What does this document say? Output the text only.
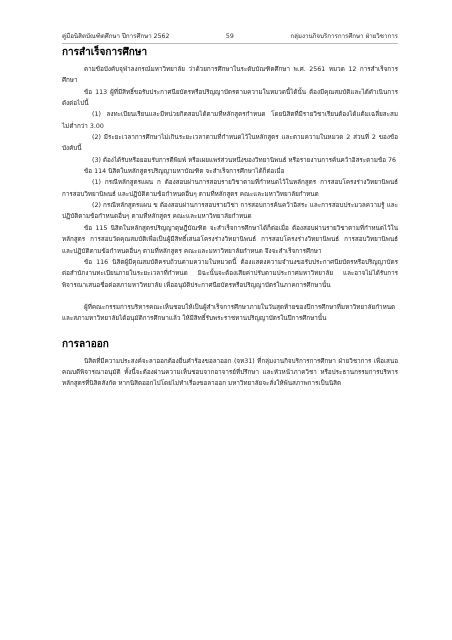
คู่มือนิสิตบัณฑิตศึกษา ปีการศึกษา 2562	59	กลุ่มงานกิจบริการการศึกษา ฝ่ายวิชาการ
การสำเร็จการศึกษา

ตามข้อบังคับจุฬาลงกรณ์มหาวิทยาลัย ว่าด้วยการศึกษาในระดับบัณฑิตศึกษา พ.ศ. 2561 หมวด 12 การสำเร็จการศึกษา

ข้อ 113 ผู้ที่มีสิทธิ์ขอรับประกาศนียบัตรหรือปริญญาบัตรตามความในหมวดนี้ได้นั้น ต้องมีคุณสมบัติและได้ดำเนินการดังต่อไปนี้

(1) ลงทะเบียนเรียนและมีหน่วยกิตสอบได้ตามที่หลักสูตรกำหนด โดยนิสิตที่มีรายวิชาเรียนต้องได้แต้มเฉลี่ยสะสมไม่ต่ำกว่า 3.00

(2) มีระยะเวลาการศึกษาไม่เกินระยะเวลาตามที่กำหนดไว้ในหลักสูตร และตามความในหมวด 2 ส่วนที่ 2 ของข้อบังคับนี้

(3) ต้องได้รับหรือยอมรับการตีพิมพ์ หรือเผยแพร่ส่วนหนึ่งของวิทยานิพนธ์ หรือรายงานการค้นคว้าอิสระตามข้อ 76

ข้อ 114 นิสิตในหลักสูตรปริญญามหาบัณฑิต จะสำเร็จการศึกษาได้ก็ต่อเมื่อ

(1) กรณีหลักสูตรแผน ก ต้องสอบผ่านการสอบรายวิชาตามที่กำหนดไว้ในหลักสูตร การสอบโครงร่างวิทยานิพนธ์ การสอบวิทยานิพนธ์ และปฏิบัติตามข้อกำหนดอื่นๆ ตามที่หลักสูตร คณะและมหาวิทยาลัยกำหนด

(2) กรณีหลักสูตรแผน ข ต้องสอบผ่านการสอบรายวิชา การสอบการค้นคว้าอิสระ และการสอบประมวลความรู้ และปฏิบัติตามข้อกำหนดอื่นๆ ตามที่หลักสูตร คณะและมหาวิทยาลัยกำหนด

ข้อ 115 นิสิตในหลักสูตรปริญญาดุษฎีบัณฑิต จะสำเร็จการศึกษาได้ก็ต่อเมื่อ ต้องสอบผ่านรายวิชาตามที่กำหนดไว้ในหลักสูตร การสอบวัดคุณสมบัติเพื่อเป็นผู้มีสิทธิ์เสนอโครงร่างวิทยานิพนธ์ การสอบโครงร่างวิทยานิพนธ์ การสอบวิทยานิพนธ์ และปฏิบัติตามข้อกำหนดอื่นๆ ตามที่หลักสูตร คณะและมหาวิทยาลัยกำหนด จึงจะสำเร็จการศึกษา

ข้อ 116 นิสิตผู้มีคุณสมบัติครบถ้วนตามความในหมวดนี้ ต้องแสดงความจำนงขอรับประกาศนียบัตรหรือปริญญาบัตรต่อสำนักงานทะเบียนภายในระยะเวลาที่กำหนด มิฉะนั้นจะต้องเสียค่าปรับตามประกาศมหาวิทยาลัย และอาจไม่ได้รับการพิจารณาเสนอชื่อต่อสภามหาวิทยาลัย เพื่ออนุมัติประกาศนียบัตรหรือปริญญาบัตรในภาคการศึกษานั้น

ผู้ที่คณะกรรมการบริหารคณะเห็นชอบให้เป็นผู้สำเร็จการศึกษาภายในวันสุดท้ายของปีการศึกษาที่มหาวิทยาลัยกำหนด และสภามหาวิทยาลัยได้อนุมัติการศึกษาแล้ว ให้มีสิทธิ์รับพระราชทานปริญญาบัตรในปีการศึกษานั้น

การลาออก

นิสิตที่มีความประสงค์จะลาออกต้องยื่นคำร้องขอลาออก (จท31) ที่กลุ่มงานกิจบริการการศึกษา ฝ่ายวิชาการ เพื่อเสนอคณบดีพิจารณาอนุมัติ ทั้งนี้จะต้องผ่านความเห็นชอบจากอาจารย์ที่ปรึกษา และหัวหน้าภาควิชา หรือประธานกรรมการบริหารหลักสูตรที่นิสิตสังกัด หากนิสิตออกไปโดยไม่ทำเรื่องขอลาออก มหาวิทยาลัยจะสั่งให้พ้นสภาพการเป็นนิสิต
